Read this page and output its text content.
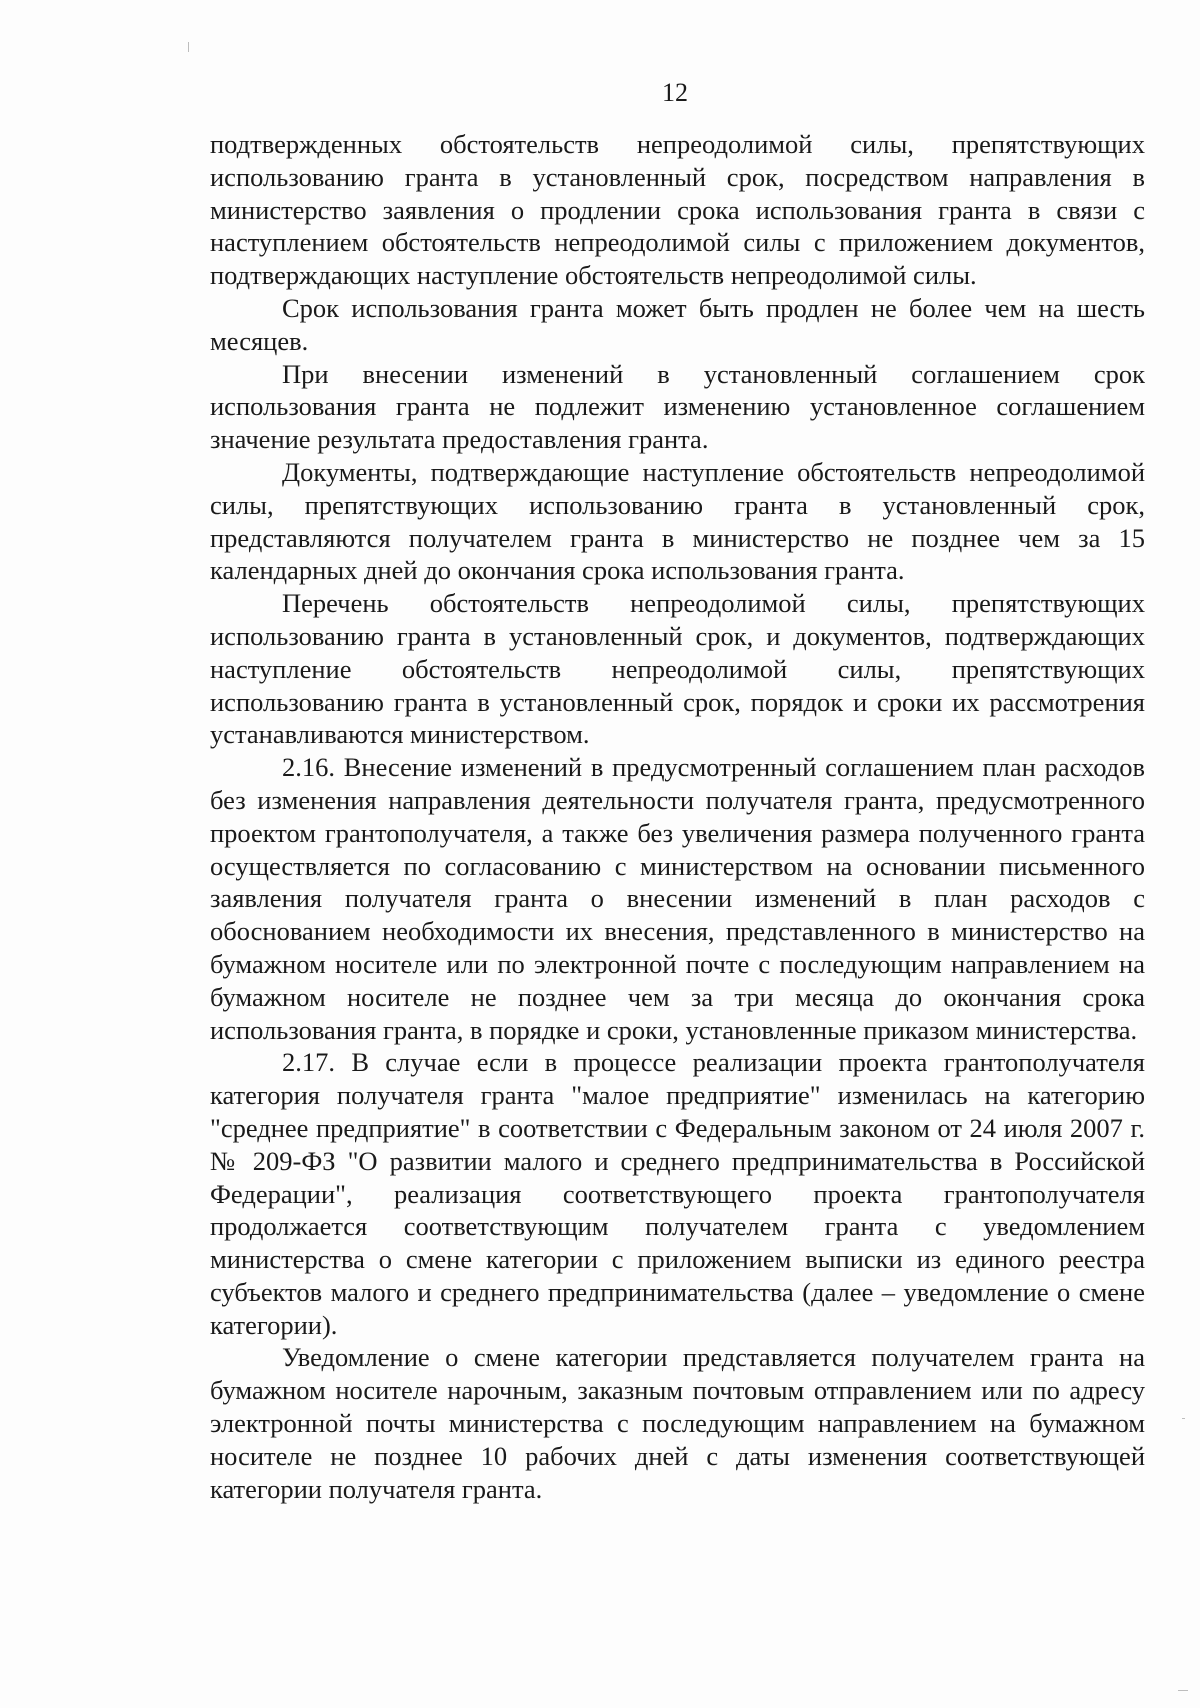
12

подтвержденных обстоятельств непреодолимой силы, препятствующих использованию гранта в установленный срок, посредством направления в министерство заявления о продлении срока использования гранта в связи с наступлением обстоятельств непреодолимой силы с приложением документов, подтверждающих наступление обстоятельств непреодолимой силы.

Срок использования гранта может быть продлен не более чем на шесть месяцев.

При внесении изменений в установленный соглашением срок использования гранта не подлежит изменению установленное соглашением значение результата предоставления гранта.

Документы, подтверждающие наступление обстоятельств непреодолимой силы, препятствующих использованию гранта в установленный срок, представляются получателем гранта в министерство не позднее чем за 15 календарных дней до окончания срока использования гранта.

Перечень обстоятельств непреодолимой силы, препятствующих использованию гранта в установленный срок, и документов, подтверждающих наступление обстоятельств непреодолимой силы, препятствующих использованию гранта в установленный срок, порядок и сроки их рассмотрения устанавливаются министерством.

2.16. Внесение изменений в предусмотренный соглашением план расходов без изменения направления деятельности получателя гранта, предусмотренного проектом грантополучателя, а также без увеличения размера полученного гранта осуществляется по согласованию с министерством на основании письменного заявления получателя гранта о внесении изменений в план расходов с обоснованием необходимости их внесения, представленного в министерство на бумажном носителе или по электронной почте с последующим направлением на бумажном носителе не позднее чем за три месяца до окончания срока использования гранта, в порядке и сроки, установленные приказом министерства.

2.17. В случае если в процессе реализации проекта грантополучателя категория получателя гранта "малое предприятие" изменилась на категорию "среднее предприятие" в соответствии с Федеральным законом от 24 июля 2007 г. № 209-ФЗ "О развитии малого и среднего предпринимательства в Российской Федерации", реализация соответствующего проекта грантополучателя продолжается соответствующим получателем гранта с уведомлением министерства о смене категории с приложением выписки из единого реестра субъектов малого и среднего предпринимательства (далее – уведомление о смене категории).

Уведомление о смене категории представляется получателем гранта на бумажном носителе нарочным, заказным почтовым отправлением или по адресу электронной почты министерства с последующим направлением на бумажном носителе не позднее 10 рабочих дней с даты изменения соответствующей категории получателя гранта.
